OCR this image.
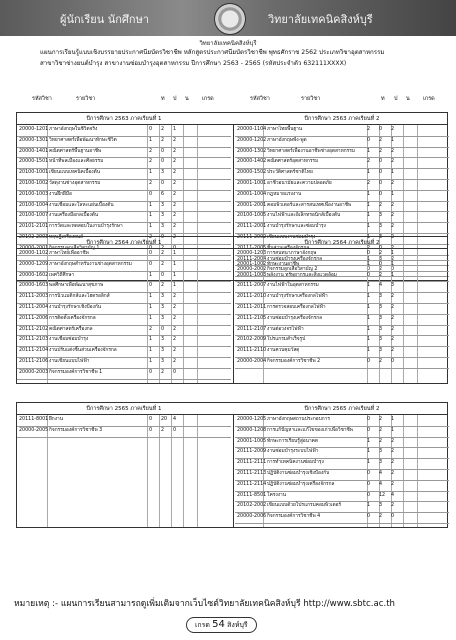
ผู้นักเรียน นักศึกษา	วิทยาลัยเทคนิคสิงห์บุรี
วิทยาลัยเทคนิคสิงห์บุรี
แผนการเรียนรู้แบบเชิงบรรยายประกาศนียบัตรวิชาชีพ หลักสูตรประกาศนียบัตรวิชาชีพ พุทธศักราช 2562 ประเภทวิชาอุตสาหกรรม
สาขาวิชาช่างยนต์บำรุง สาขางานซ่อมบำรุงอุตสาหกรรม ปีการศึกษา 2563 - 2565 (รหัสประจำตัว 632111XXXX)
รหัสวิชา	รายวิชา	ท ป น เกรด	รหัสวิชา	รายวิชา	ท ป น เกรด
ปีการศึกษา 2563 ภาคเรียนที่ 1
20000-1201 ภาษาอังกฤษในชีวิตจริง	0 2 1
20000-1301 วิทยาศาสตร์เพื่อพัฒนาทักษะชีวิต	1 2 2
20000-1401 คณิตศาสตร์พื้นฐานอาชีพ	2 0 2
20000-1501 หน้าที่พลเมืองและศีลธรรม	2 0 2
20100-1001 เขียนแบบเทคนิคเบื้องต้น	1 3 2
20100-1002 วัสดุงานช่างอุตสาหกรรม	2 0 2
20100-1003 งานฝึกฝีมือ	0 6 2
20100-1004 งานเชื่อมและโลหะแผ่นเบื้องต้น	1 3 2
20100-1007 งานเครื่องมือกลเบื้องต้น	1 3 2
20101-2101 การวัดและทดสอบในงานบำรุงรักษา	1 3 2
20102-2003 ทฤษฎีเครื่องยนต์	2 0 2
ปีการศึกษา 2563 ภาคเรียนที่ 2
20000-1104 ภาษาไทยพื้นฐาน	2 0 2
20000-1202 ภาษาอังกฤษฟัง-พูด	0 2 1
20000-1302 วิทยาศาสตร์เพื่องานอาชีพช่างอุตสาหกรรม	1 2 2
20000-1402 คณิตศาสตร์อุตสาหกรรม	2 0 2
20000-1502 ประวัติศาสตร์ชาติไทย	1 0 1
20001-1001 อาชีวอนามัยและความปลอดภัย	2 0 2
20001-1004 กฎหมายแรงงาน	1 0 1
20001-2001 คอมพิวเตอร์และสารสนเทศเพื่องานอาชีพ	1 2 2
20100-1005 งานไฟฟ้าและอิเล็กทรอนิกส์เบื้องต้น	1 3 2
20111-2001 งานบำรุงรักษาและซ่อมบำรุง	1 3 2
20111-2002 เขียนแบบงานซ่อมบำรุง	1 3 2
ปีการศึกษา 2564 ภาคเรียนที่ 1
20000-1102 ภาษาไทยเพื่ออาชีพ	0 2 1
20000-1209 ภาษาอังกฤษสำหรับงานช่างอุตสาหกรรม	0 2 1
20000-1602 เพศวิถีศึกษา	1 0 1
20000-1603 พลศึกษาเพื่อพัฒนาสุขภาพ	0 2 1
20111-2003 การนิวแมติกส์และไฮดรอลิกส์	1 3 2
20111-2004 งานบำรุงรักษาเชิงป้องกัน	1 3 2
20111-2006 การติดตั้งเครื่องจักรกล	1 3 2
20111-2102 คณิตศาสตร์เครื่องกล	2 0 2
20111-2103 งานเชื่อมซ่อมบำรุง	1 3 2
20111-2104 งานปรับแต่งชิ้นส่วนเครื่องจักรกล	1 3 2
20111-2106 งานเขียนแบบไฟฟ้า	1 3 2
20000-2003 กิจกรรมองค์การวิชาชีพ 1	0 2 0
ปีการศึกษา 2564 ภาคเรียนที่ 2
20000-1203 การสนทนาภาษาอังกฤษ	0 2 1
20001-1002 ทักษะงานอาชีพ	1 0 1
20001-1003 พลังงาน ทรัพยากรและสิ่งแวดล้อม	0 2 1
20111-2007 งานไฟฟ้าในอุตสาหกรรม	1 4 3
20111-2010 งานบำรุงรักษาเครื่องกลไฟฟ้า	1 3 2
20111-2011 การตรวจสอบเครื่องกลไฟฟ้า	1 3 2
20111-2105 งานซ่อมบำรุงเครื่องจักรกล	1 3 2
20111-2107 งานต่อวงจรไฟฟ้า	1 3 2
20102-2009 โปรแกรมสำเร็จรูป	1 3 2
20111-2110 งานควบคุมวัสดุ	1 3 2
20000-2004 กิจกรรมองค์การวิชาชีพ 2	0 2 0
ปีการศึกษา 2565 ภาคเรียนที่ 1
20111-8001 ฝึกงาน	0 20 4
20000-2005 กิจกรรมองค์การวิชาชีพ 3	0 2 0
ปีการศึกษา 2565 ภาคเรียนที่ 2
20000-1205 ภาษาอังกฤษสถานประกอบการ	0 2 1
20000-1208 การแก้ปัญหาและแก้ไขของเก่าเพื่อวิชาชีพ	0 2 1
20001-1005 ทักษะการเรียนรู้สู่อนาคต	1 2 2
20111-2009 งานซ่อมบำรุงระบบไฟฟ้า	1 3 2
20111-2111 การทำเทคนิคงานซ่อมบำรุง	1 3 2
20111-2113 ปฏิบัติงานซ่อมบำรุงเชิงป้องกัน	0 4 2
20111-2114 ปฏิบัติงานซ่อมบำรุงเครื่องจักรกล	0 4 2
20111-8501 โครงงาน	0 12 4
20102-2002 เขียนแบบด้วยโปรแกรมคอมพิวเตอร์	1 3 2
20000-2006 กิจกรรมองค์การวิชาชีพ 4	0 2 0
หมายเหตุ :- แผนการเรียนสามารถดูเพิ่มเติมจากเว็บไซต์วิทยาลัยเทคนิคสิงห์บุรี http://www.sbtc.ac.th
เกรด 54 สิงห์บุรี
